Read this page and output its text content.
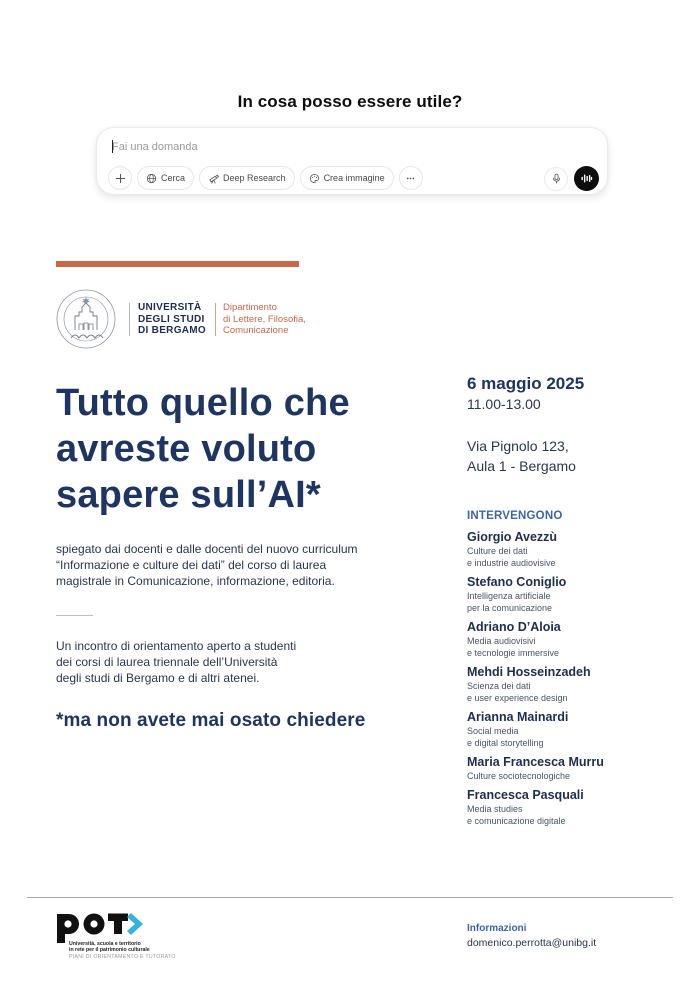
In cosa posso essere utile?
Fai una domanda
Cerca	Deep Research	Crea immagine
UNIVERSITÀ
DEGLI STUDI
DI BERGAMO
Dipartimento
di Lettere, Filosofia,
Comunicazione
Tutto quello che
avreste voluto
sapere sull’AI*
spiegato dai docenti e dalle docenti del nuovo curriculum
“Informazione e culture dei dati” del corso di laurea
magistrale in Comunicazione, informazione, editoria.
Un incontro di orientamento aperto a studenti
dei corsi di laurea triennale dell’Università
degli studi di Bergamo e di altri atenei.
*ma non avete mai osato chiedere
6 maggio 2025
11.00-13.00
Via Pignolo 123,
Aula 1 - Bergamo
INTERVENGONO
Giorgio Avezzù
Culture dei dati
e industrie audiovisive
Stefano Coniglio
Intelligenza artificiale
per la comunicazione
Adriano D’Aloia
Media audiovisivi
e tecnologie immersive
Mehdi Hosseinzadeh
Scienza dei dati
e user experience design
Arianna Mainardi
Social media
e digital storytelling
Maria Francesca Murru
Culture sociotecnologiche
Francesca Pasquali
Media studies
e comunicazione digitale
Università, scuola e territorio
in rete per il patrimonio culturale
PIANI DI ORIENTAMENTO E TUTORATO
Informazioni
domenico.perrotta@unibg.it
